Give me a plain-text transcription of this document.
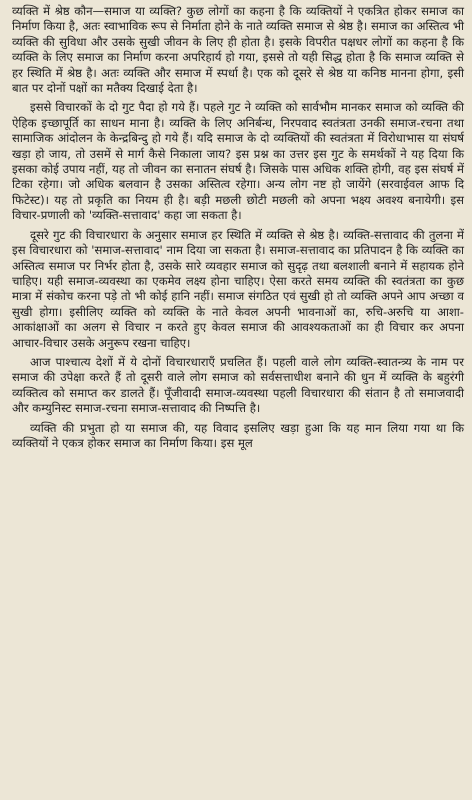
व्यक्ति में श्रेष्ठ कौन—समाज या व्यक्ति? कुछ लोगों का कहना है कि व्यक्तियों ने एकत्रित होकर समाज का निर्माण किया है, अतः स्वाभाविक रूप से निर्माता होने के नाते व्यक्ति समाज से श्रेष्ठ है। समाज का अस्तित्व भी व्यक्ति की सुविधा और उसके सुखी जीवन के लिए ही होता है। इसके विपरीत पक्षधर लोगों का कहना है कि व्यक्ति के लिए समाज का निर्माण करना अपरिहार्य हो गया, इससे तो यही सिद्ध होता है कि समाज व्यक्ति से हर स्थिति में श्रेष्ठ है। अतः व्यक्ति और समाज में स्पर्धा है। एक को दूसरे से श्रेष्ठ या कनिष्ठ मानना होगा, इसी बात पर दोनों पक्षों का मतैक्य दिखाई देता है।

इससे विचारकों के दो गुट पैदा हो गये हैं। पहले गुट ने व्यक्ति को सार्वभौम मानकर समाज को व्यक्ति की ऐहिक इच्छापूर्ति का साधन माना है। व्यक्ति के लिए अनिर्बन्ध, निरपवाद स्वतंत्रता उनकी समाज-रचना तथा सामाजिक आंदोलन के केन्द्रबिन्दु हो गये हैं। यदि समाज के दो व्यक्तियों की स्वतंत्रता में विरोधाभास या संघर्ष खड़ा हो जाय, तो उसमें से मार्ग कैसे निकाला जाय? इस प्रश्न का उत्तर इस गुट के समर्थकों ने यह दिया कि इसका कोई उपाय नहीं, यह तो जीवन का सनातन संघर्ष है। जिसके पास अधिक शक्ति होगी, वह इस संघर्ष में टिका रहेगा। जो अधिक बलवान है उसका अस्तित्व रहेगा। अन्य लोग नष्ट हो जायेंगे (सरवाईवल आफ दि फिटेस्ट)। यह तो प्रकृति का नियम ही है। बड़ी मछली छोटी मछली को अपना भक्ष्य अवश्य बनायेगी। इस विचार-प्रणाली को 'व्यक्ति-सत्तावाद' कहा जा सकता है।

दूसरे गुट की विचारधारा के अनुसार समाज हर स्थिति में व्यक्ति से श्रेष्ठ है। व्यक्ति-सत्तावाद की तुलना में इस विचारधारा को 'समाज-सत्तावाद' नाम दिया जा सकता है। समाज-सत्तावाद का प्रतिपादन है कि व्यक्ति का अस्तित्व समाज पर निर्भर होता है, उसके सारे व्यवहार समाज को सुदृढ़ तथा बलशाली बनाने में सहायक होने चाहिए। यही समाज-व्यवस्था का एकमेव लक्ष्य होना चाहिए। ऐसा करते समय व्यक्ति की स्वतंत्रता का कुछ मात्रा में संकोच करना पड़े तो भी कोई हानि नहीं। समाज संगठित एवं सुखी हो तो व्यक्ति अपने आप अच्छा व सुखी होगा। इसीलिए व्यक्ति को व्यक्ति के नाते केवल अपनी भावनाओं का, रुचि-अरुचि या आशा-आकांक्षाओं का अलग से विचार न करते हुए केवल समाज की आवश्यकताओं का ही विचार कर अपना आचार-विचार उसके अनुरूप रखना चाहिए।

आज पाश्चात्य देशों में ये दोनों विचारधाराएँ प्रचलित हैं। पहली वाले लोग व्यक्ति-स्वातन्त्र्य के नाम पर समाज की उपेक्षा करते हैं तो दूसरी वाले लोग समाज को सर्वसत्ताधीश बनाने की धुन में व्यक्ति के बहुरंगी व्यक्तित्व को समाप्त कर डालते हैं। पूँजीवादी समाज-व्यवस्था पहली विचारधारा की संतान है तो समाजवादी और कम्युनिस्ट समाज-रचना समाज-सत्तावाद की निष्पत्ति है।

व्यक्ति की प्रभुता हो या समाज की, यह विवाद इसलिए खड़ा हुआ कि यह मान लिया गया था कि व्यक्तियों ने एकत्र होकर समाज का निर्माण किया। इस मूल
